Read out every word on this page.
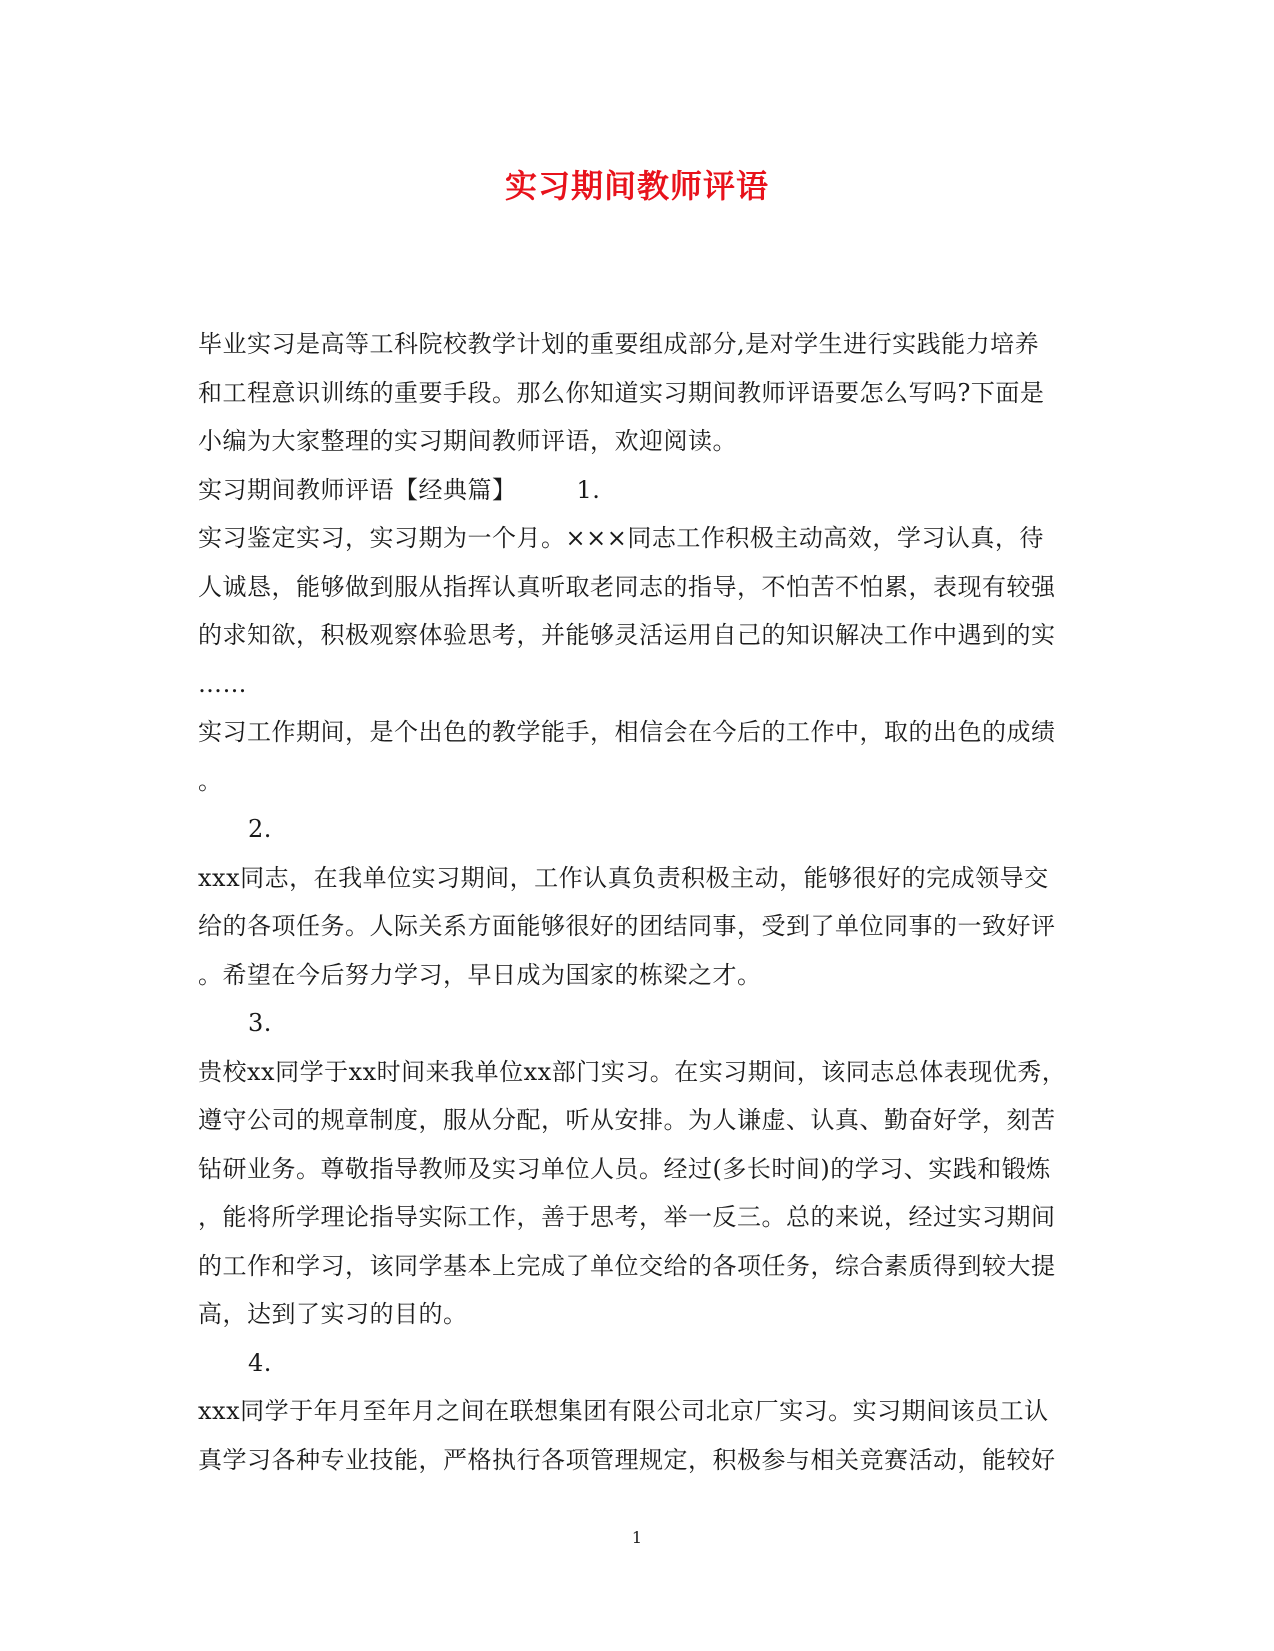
实习期间教师评语
毕业实习是高等工科院校教学计划的重要组成部分,是对学生进行实践能力培养
和工程意识训练的重要手段。那么你知道实习期间教师评语要怎么写吗?下面是
小编为大家整理的实习期间教师评语，欢迎阅读。
实习期间教师评语【经典篇】	1.
实习鉴定实习，实习期为一个月。×××同志工作积极主动高效，学习认真，待
人诚恳，能够做到服从指挥认真听取老同志的指导，不怕苦不怕累，表现有较强
的求知欲，积极观察体验思考，并能够灵活运用自己的知识解决工作中遇到的实
……
实习工作期间，是个出色的教学能手，相信会在今后的工作中，取的出色的成绩
。
2.
xxx同志，在我单位实习期间，工作认真负责积极主动，能够很好的完成领导交
给的各项任务。人际关系方面能够很好的团结同事，受到了单位同事的一致好评
。希望在今后努力学习，早日成为国家的栋梁之才。
3.
贵校xx同学于xx时间来我单位xx部门实习。在实习期间，该同志总体表现优秀，
遵守公司的规章制度，服从分配，听从安排。为人谦虚、认真、勤奋好学，刻苦
钻研业务。尊敬指导教师及实习单位人员。经过(多长时间)的学习、实践和锻炼
，能将所学理论指导实际工作，善于思考，举一反三。总的来说，经过实习期间
的工作和学习，该同学基本上完成了单位交给的各项任务，综合素质得到较大提
高，达到了实习的目的。
4.
xxx同学于年月至年月之间在联想集团有限公司北京厂实习。实习期间该员工认
真学习各种专业技能，严格执行各项管理规定，积极参与相关竞赛活动，能较好
1
